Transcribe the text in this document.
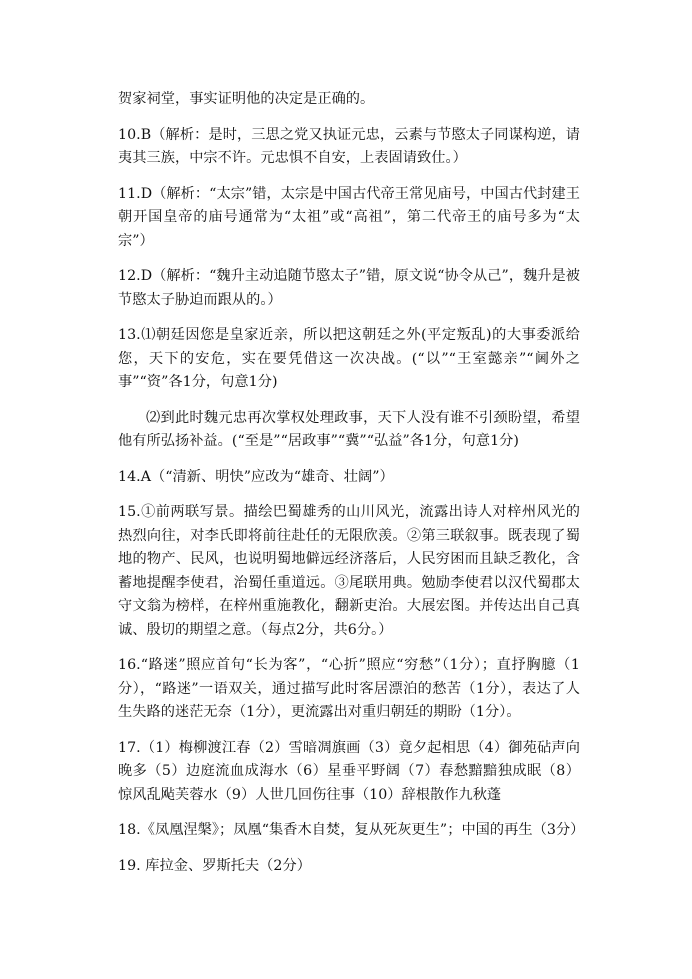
贺家祠堂，事实证明他的决定是正确的。

10.B（解析：是时，三思之党又执证元忠，云素与节愍太子同谋构逆，请夷其三族，中宗不许。元忠惧不自安，上表固请致仕。）

11.D（解析：“太宗”错，太宗是中国古代帝王常见庙号，中国古代封建王朝开国皇帝的庙号通常为“太祖”或“高祖”，第二代帝王的庙号多为“太宗”）

12.D（解析：“魏升主动追随节愍太子”错，原文说“协令从己”，魏升是被节愍太子胁迫而跟从的。）

13.⑴朝廷因您是皇家近亲，所以把这朝廷之外(平定叛乱)的大事委派给您，天下的安危，实在要凭借这一次决战。(“以”“王室懿亲”“阃外之事”“资”各1分，句意1分)

⑵到此时魏元忠再次掌权处理政事，天下人没有谁不引颈盼望，希望他有所弘扬补益。(“至是”“居政事”“冀”“弘益”各1分，句意1分)

14.A（“清新、明快”应改为“雄奇、壮阔”）

15.①前两联写景。描绘巴蜀雄秀的山川风光，流露出诗人对梓州风光的热烈向往，对李氏即将前往赴任的无限欣羡。②第三联叙事。既表现了蜀地的物产、民风，也说明蜀地僻远经济落后，人民穷困而且缺乏教化，含蓄地提醒李使君，治蜀任重道远。③尾联用典。勉励李使君以汉代蜀郡太守文翁为榜样，在梓州重施教化，翻新吏治。大展宏图。并传达出自己真诚、殷切的期望之意。（每点2分，共6分。）

16.“路迷”照应首句“长为客”，“心折”照应“穷愁”（1分）；直抒胸臆（1分），“路迷”一语双关，通过描写此时客居漂泊的愁苦（1分），表达了人生失路的迷茫无奈（1分），更流露出对重归朝廷的期盼（1分）。

17.（1）梅柳渡江春（2）雪暗凋旗画（3）竟夕起相思（4）御苑砧声向晚多（5）边庭流血成海水（6）星垂平野阔（7）春愁黯黯独成眠（8）惊风乱飐芙蓉水（9）人世几回伤往事（10）辞根散作九秋蓬

18.《凤凰涅槃》；凤凰“集香木自焚，复从死灰更生”；中国的再生（3分）

19. 库拉金、罗斯托夫（2分）
